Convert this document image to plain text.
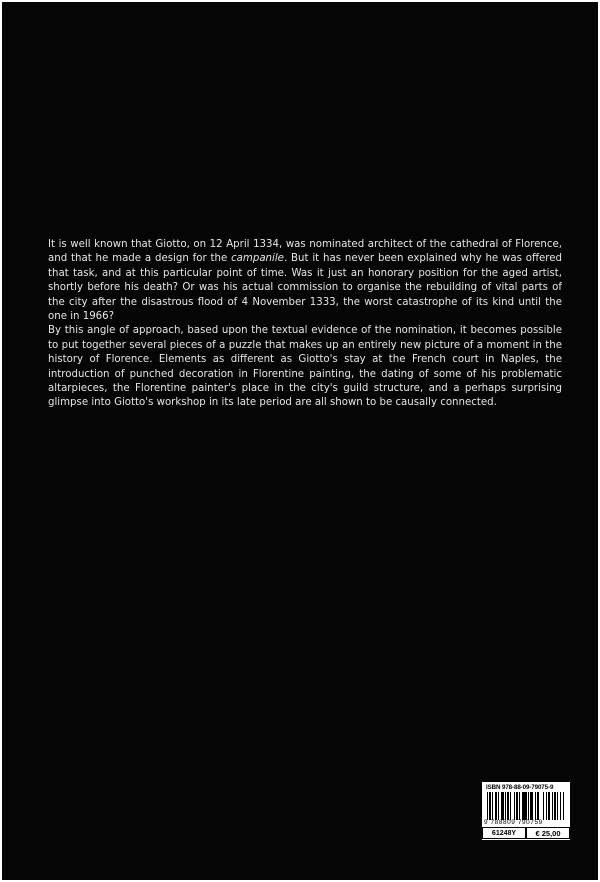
It is well known that Giotto, on 12 April 1334, was nominated architect of the cathedral of Florence, and that he made a design for the campanile. But it has never been explained why he was offered that task, and at this particular point of time. Was it just an honorary position for the aged artist, shortly before his death? Or was his actual commission to organise the rebuilding of vital parts of the city after the disastrous flood of 4 November 1333, the worst catastrophe of its kind until the one in 1966?

By this angle of approach, based upon the textual evidence of the nomination, it becomes possible to put together several pieces of a puzzle that makes up an entirely new picture of a moment in the history of Florence. Elements as different as Giotto's stay at the French court in Naples, the introduction of punched decoration in Florentine painting, the dating of some of his problematic altarpieces, the Florentine painter's place in the city's guild structure, and a perhaps surprising glimpse into Giotto's workshop in its late period are all shown to be causally connected.

ISBN 978-88-09-79075-9
9 788809 790759
61248Y	€ 25,00
